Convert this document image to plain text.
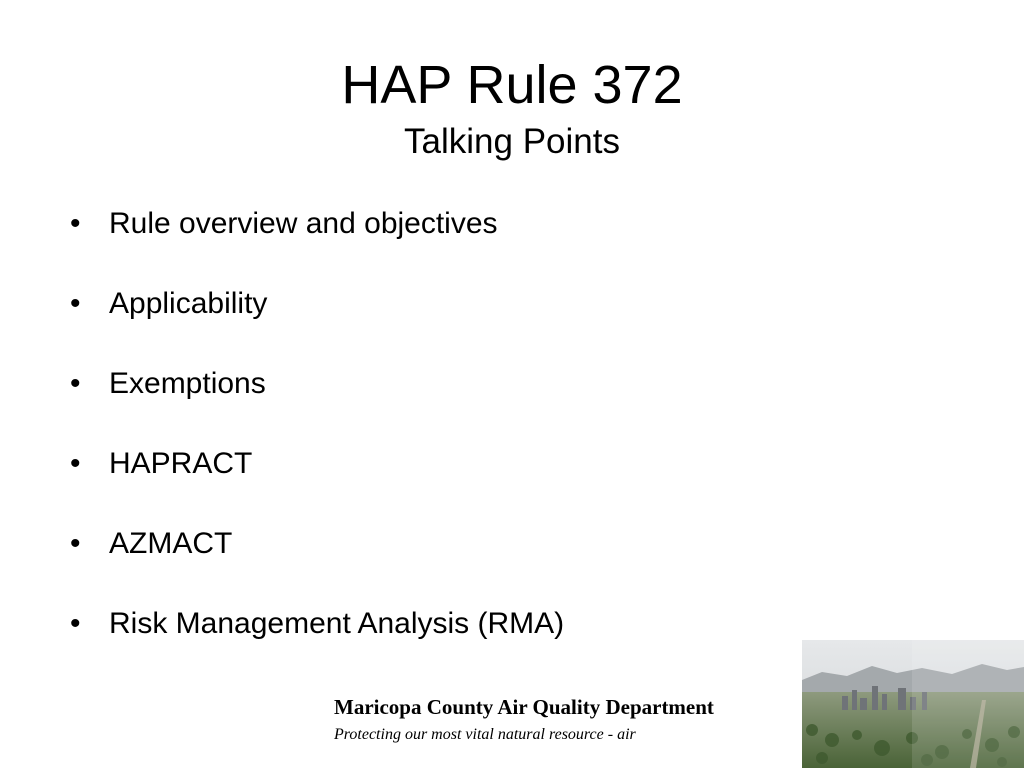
HAP Rule 372
Talking Points
• Rule overview and objectives
• Applicability
• Exemptions
• HAPRACT
• AZMACT
• Risk Management Analysis (RMA)
Maricopa County Air Quality Department
Protecting our most vital natural resource - air
